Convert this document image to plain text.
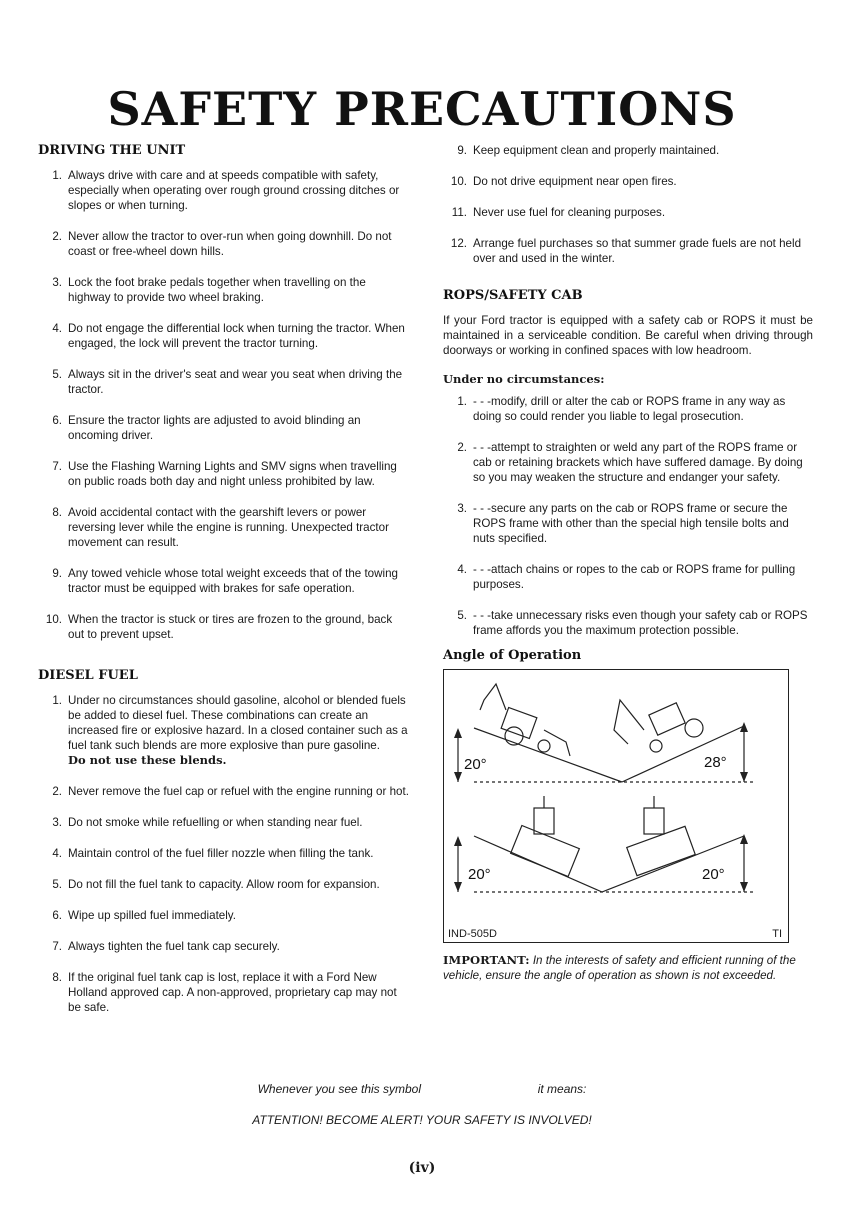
SAFETY PRECAUTIONS
DRIVING THE UNIT
1. Always drive with care and at speeds compatible with safety, especially when operating over rough ground crossing ditches or slopes or when turning.
2. Never allow the tractor to over-run when going downhill. Do not coast or free-wheel down hills.
3. Lock the foot brake pedals together when travelling on the highway to provide two wheel braking.
4. Do not engage the differential lock when turning the tractor. When engaged, the lock will prevent the tractor turning.
5. Always sit in the driver's seat and wear you seat when driving the tractor.
6. Ensure the tractor lights are adjusted to avoid blinding an oncoming driver.
7. Use the Flashing Warning Lights and SMV signs when travelling on public roads both day and night unless prohibited by law.
8. Avoid accidental contact with the gearshift levers or power reversing lever while the engine is running. Unexpected tractor movement can result.
9. Any towed vehicle whose total weight exceeds that of the towing tractor must be equipped with brakes for safe operation.
10. When the tractor is stuck or tires are frozen to the ground, back out to prevent upset.
DIESEL FUEL
1. Under no circumstances should gasoline, alcohol or blended fuels be added to diesel fuel. These combinations can create an increased fire or explosive hazard. In a closed container such as a fuel tank such blends are more explosive than pure gasoline.
Do not use these blends.
2. Never remove the fuel cap or refuel with the engine running or hot.
3. Do not smoke while refuelling or when standing near fuel.
4. Maintain control of the fuel filler nozzle when filling the tank.
5. Do not fill the fuel tank to capacity. Allow room for expansion.
6. Wipe up spilled fuel immediately.
7. Always tighten the fuel tank cap securely.
8. If the original fuel tank cap is lost, replace it with a Ford New Holland approved cap. A non-approved, proprietary cap may not be safe.
9. Keep equipment clean and properly maintained.
10. Do not drive equipment near open fires.
11. Never use fuel for cleaning purposes.
12. Arrange fuel purchases so that summer grade fuels are not held over and used in the winter.
ROPS/SAFETY CAB

If your Ford tractor is equipped with a safety cab or ROPS it must be maintained in a serviceable condition. Be careful when driving through doorways or working in confined spaces with low headroom.

Under no circumstances:
1. - - -modify, drill or alter the cab or ROPS frame in any way as doing so could render you liable to legal prosecution.
2. - - -attempt to straighten or weld any part of the ROPS frame or cab or retaining brackets which have suffered damage. By doing so you may weaken the structure and endanger your safety.
3. - - -secure any parts on the cab or ROPS frame or secure the ROPS frame with other than the special high tensile bolts and nuts specified.
4. - - -attach chains or ropes to the cab or ROPS frame for pulling purposes.
5. - - -take unnecessary risks even though your safety cab or ROPS frame affords you the maximum protection possible.
Angle of Operation
20°	28°
20°	20°
IND-505D	TI
IMPORTANT: In the interests of safety and efficient running of the vehicle, ensure the angle of operation as shown is not exceeded.
Whenever you see this symbol	it means:
ATTENTION! BECOME ALERT! YOUR SAFETY IS INVOLVED!
(iv)
